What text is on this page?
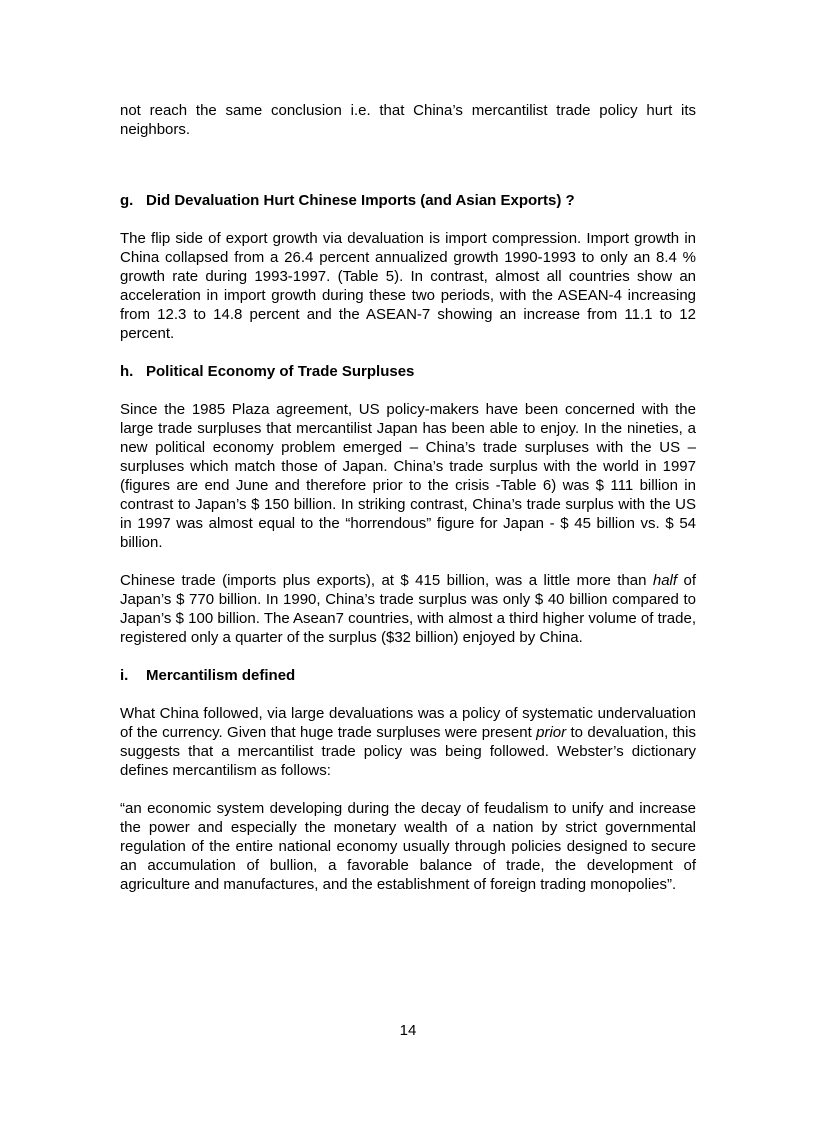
not reach the same conclusion i.e. that China’s mercantilist trade policy hurt its neighbors.

g. Did Devaluation Hurt Chinese Imports (and Asian Exports) ?

The flip side of export growth via devaluation is import compression. Import growth in China collapsed from a 26.4 percent annualized growth 1990-1993 to only an 8.4 % growth rate during 1993-1997. (Table 5). In contrast, almost all countries show an acceleration in import growth during these two periods, with the ASEAN-4 increasing from 12.3 to 14.8 percent and the ASEAN-7 showing an increase from 11.1 to 12 percent.

h. Political Economy of Trade Surpluses

Since the 1985 Plaza agreement, US policy-makers have been concerned with the large trade surpluses that mercantilist Japan has been able to enjoy. In the nineties, a new political economy problem emerged – China’s trade surpluses with the US – surpluses which match those of Japan. China’s trade surplus with the world in 1997 (figures are end June and therefore prior to the crisis -Table 6) was $ 111 billion in contrast to Japan’s $ 150 billion. In striking contrast, China’s trade surplus with the US in 1997 was almost equal to the “horrendous” figure for Japan - $ 45 billion vs. $ 54 billion.

Chinese trade (imports plus exports), at $ 415 billion, was a little more than half of Japan’s $ 770 billion. In 1990, China’s trade surplus was only $ 40 billion compared to Japan’s $ 100 billion. The Asean7 countries, with almost a third higher volume of trade, registered only a quarter of the surplus ($32 billion) enjoyed by China.

i. Mercantilism defined

What China followed, via large devaluations was a policy of systematic undervaluation of the currency. Given that huge trade surpluses were present prior to devaluation, this suggests that a mercantilist trade policy was being followed. Webster’s dictionary defines mercantilism as follows:

“an economic system developing during the decay of feudalism to unify and increase the power and especially the monetary wealth of a nation by strict governmental regulation of the entire national economy usually through policies designed to secure an accumulation of bullion, a favorable balance of trade, the development of agriculture and manufactures, and the establishment of foreign trading monopolies”.

14
